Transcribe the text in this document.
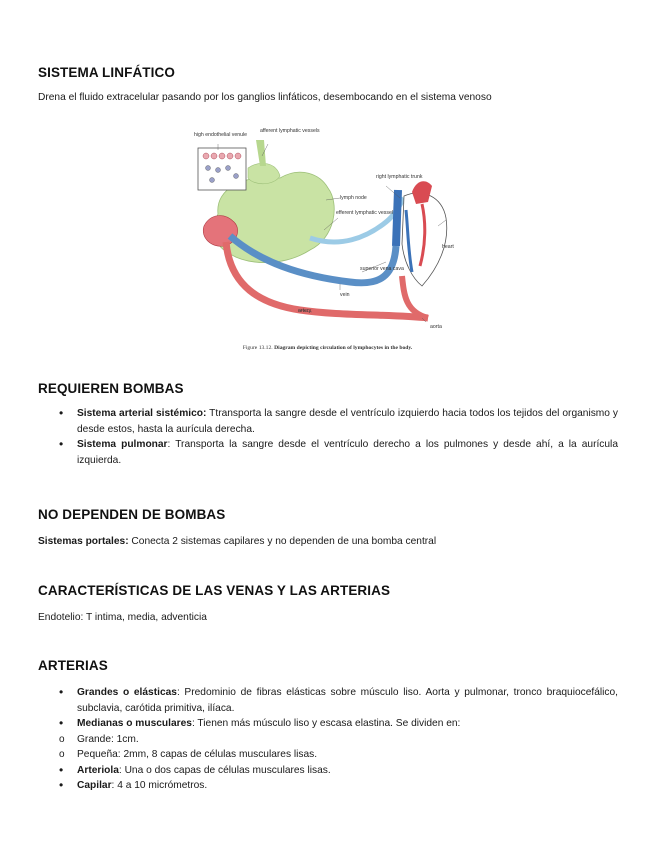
SISTEMA LINFÁTICO

Drena el fluido extracelular pasando por los ganglios linfáticos, desembocando en el sistema venoso

high endothelial venule
afferent lymphatic vessels
right lymphatic trunk
lymph node
efferent lymphatic vessel
heart
superior vena cava
vein
artery
aorta
Figure 13.12. Diagram depicting circulation of lymphocytes in the body.
REQUIEREN BOMBAS
•
Sistema arterial sistémico: Ttransporta la sangre desde el ventrículo izquierdo hacia todos los tejidos del organismo y desde estos, hasta la aurícula derecha.
•
Sistema pulmonar: Transporta la sangre desde el ventrículo derecho a los pulmones y desde ahí, a la aurícula izquierda.
NO DEPENDEN DE BOMBAS

Sistemas portales: Conecta 2 sistemas capilares y no dependen de una bomba central

CARACTERÍSTICAS DE LAS VENAS Y LAS ARTERIAS

Endotelio: T intima, media, adventicia

ARTERIAS
•
Grandes o elásticas: Predominio de fibras elásticas sobre músculo liso. Aorta y pulmonar, tronco braquiocefálico, subclavia, carótida primitiva, ilíaca.
•
Medianas o musculares: Tienen más músculo liso y escasa elastina. Se dividen en:
o
Grande: 1cm.
o
Pequeña: 2mm, 8 capas de células musculares lisas.
•
Arteriola: Una o dos capas de células musculares lisas.
•
Capilar: 4 a 10 micrómetros.
